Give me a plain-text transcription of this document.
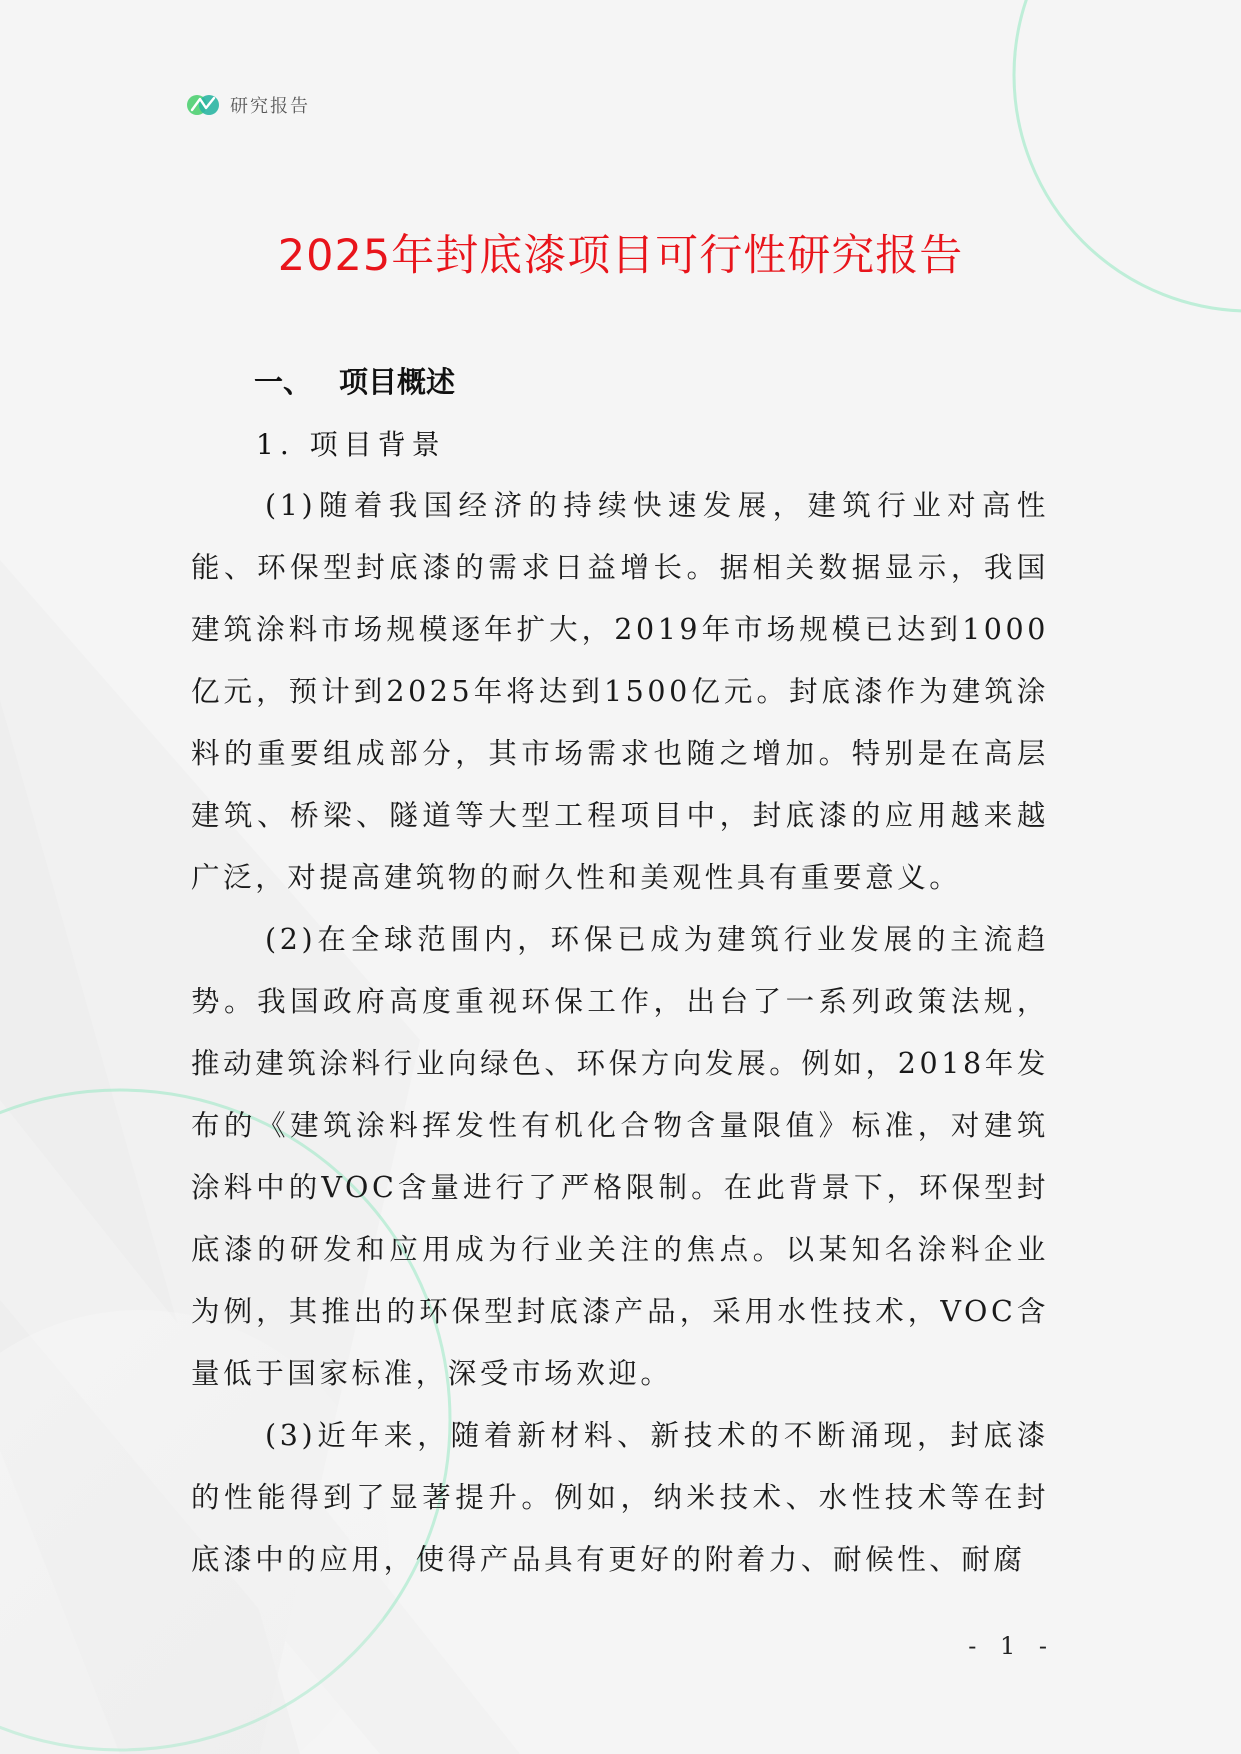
研究报告
2025年封底漆项目可行性研究报告
一、 项目概述
1. 项目背景

(1)随着我国经济的持续快速发展，建筑行业对高性能、环保型封底漆的需求日益增长。据相关数据显示，我国建筑涂料市场规模逐年扩大，2019年市场规模已达到1000亿元，预计到2025年将达到1500亿元。封底漆作为建筑涂料的重要组成部分，其市场需求也随之增加。特别是在高层建筑、桥梁、隧道等大型工程项目中，封底漆的应用越来越广泛，对提高建筑物的耐久性和美观性具有重要意义。

(2)在全球范围内，环保已成为建筑行业发展的主流趋势。我国政府高度重视环保工作，出台了一系列政策法规，推动建筑涂料行业向绿色、环保方向发展。例如，2018年发布的《建筑涂料挥发性有机化合物含量限值》标准，对建筑涂料中的VOC含量进行了严格限制。在此背景下，环保型封底漆的研发和应用成为行业关注的焦点。以某知名涂料企业为例，其推出的环保型封底漆产品，采用水性技术，VOC含量低于国家标准，深受市场欢迎。

(3)近年来，随着新材料、新技术的不断涌现，封底漆的性能得到了显著提升。例如，纳米技术、水性技术等在封底漆中的应用，使得产品具有更好的附着力、耐候性、耐腐

- 1 -
